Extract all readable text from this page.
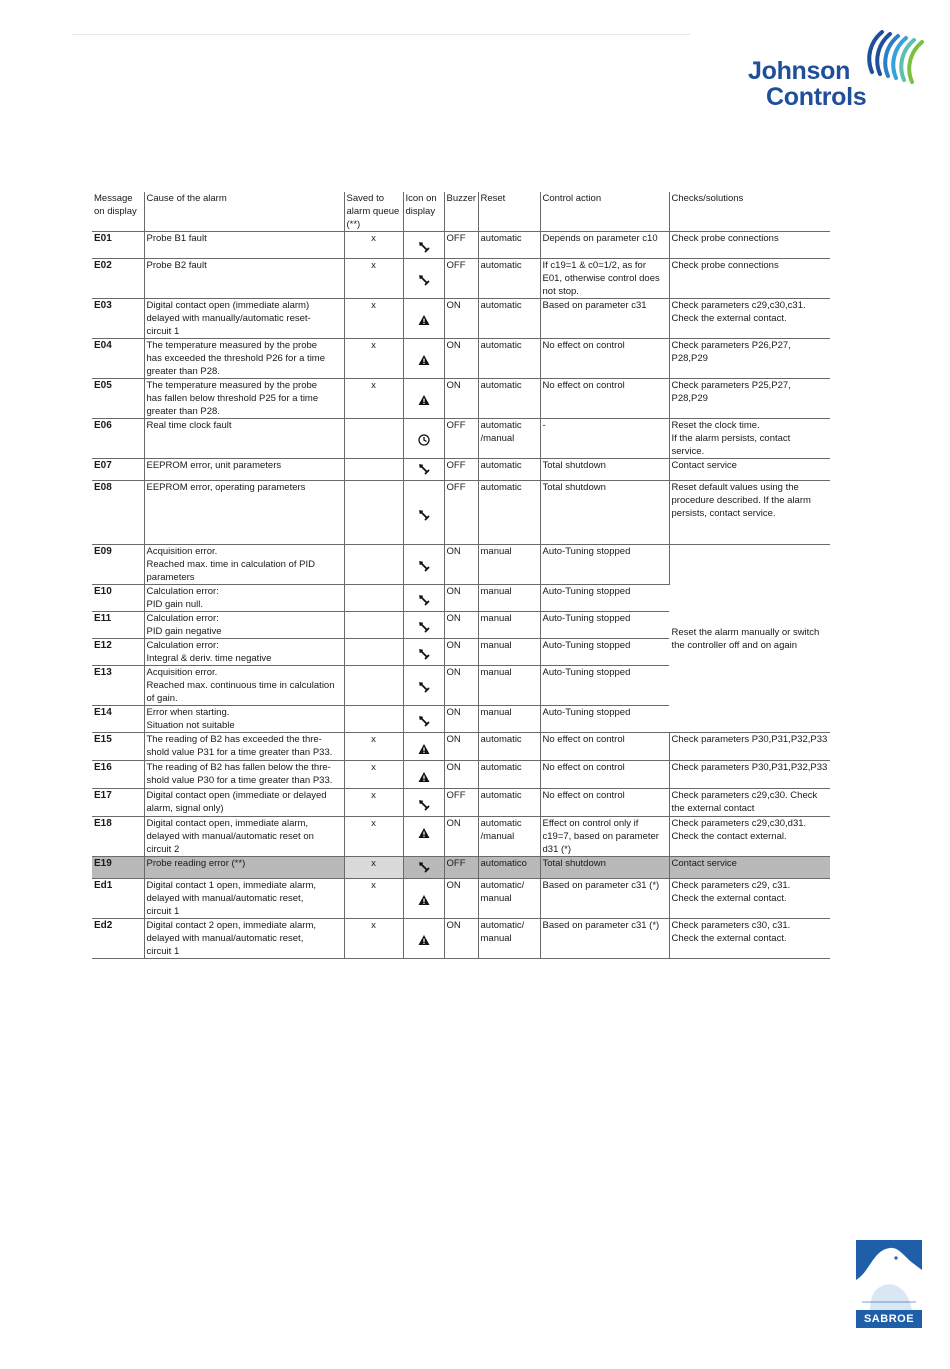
Johnson
Controls
Message
on display	Cause of the alarm	Saved to
alarm queue
(**)	Icon on
display	Buzzer	Reset	Control action	Checks/solutions

E01	Probe B1 fault	x		OFF	automatic	Depends on parameter c10	Check probe connections

E02	Probe B2 fault	x		OFF	automatic	If c19=1 & c0=1/2, as for
E01, otherwise control does
not stop.	Check probe connections

E03	Digital contact open (immediate alarm)
delayed with manually/automatic reset-
circuit 1	x		ON	automatic	Based on parameter c31	Check parameters c29,c30,c31.
Check the external contact.

E04	The temperature measured by the probe
has exceeded the threshold P26 for a time
greater than P28.	x		ON	automatic	No effect on control	Check parameters P26,P27, P28,P29

E05	The temperature measured by the probe
has fallen below threshold P25 for a time
greater than P28.	x		ON	automatic	No effect on control	Check parameters P25,P27, P28,P29

E06	Real time clock fault			OFF	automatic
/manual	-	Reset the clock time.
If the alarm persists, contact
service.

E07	EEPROM error, unit parameters			OFF	automatic	Total shutdown	Contact service

E08	EEPROM error, operating parameters			OFF	automatic	Total shutdown	Reset default values using the
procedure described. If the alarm
persists, contact service.

E09	Acquisition error.
Reached max. time in calculation of PID
parameters			ON	manual	Auto-Tuning stopped	Reset the alarm manually or switch
the controller off and on again

E10	Calculation error:
PID gain null.			ON	manual	Auto-Tuning stopped	

E11	Calculation error:
PID gain negative			ON	manual	Auto-Tuning stopped	

E12	Calculation error:
Integral & deriv. time negative			ON	manual	Auto-Tuning stopped	

E13	Acquisition error.
Reached max. continuous time in calculation
of gain.			ON	manual	Auto-Tuning stopped	

E14	Error when starting.
Situation not suitable			ON	manual	Auto-Tuning stopped	

E15	The reading of B2 has exceeded the thre-
shold value P31 for a time greater than P33.	x		ON	automatic	No effect on control	Check parameters P30,P31,P32,P33

E16	The reading of B2 has fallen below the thre-
shold value P30 for a time greater than P33.	x		ON	automatic	No effect on control	Check parameters P30,P31,P32,P33

E17	Digital contact open (immediate or delayed
alarm, signal only)	x		OFF	automatic	No effect on control	Check parameters c29,c30. Check
the external contact

E18	Digital contact open, immediate alarm,
delayed with manual/automatic reset on
circuit 2	x		ON	automatic
/manual	Effect on control only if
c19=7, based on parameter
d31 (*)	Check parameters c29,c30,d31.
Check the contact external.

E19	Probe reading error (**)	x		OFF	automatico	Total shutdown	Contact service

Ed1	Digital contact 1 open, immediate alarm,
delayed with manual/automatic reset,
circuit 1	x		ON	automatic/
manual	Based on parameter c31 (*)	Check parameters c29, c31.
Check the external contact.

Ed2	Digital contact 2 open, immediate alarm,
delayed with manual/automatic reset,
circuit 1	x		ON	automatic/
manual	Based on parameter c31 (*)	Check parameters c30, c31.
Check the external contact.
SABROE
